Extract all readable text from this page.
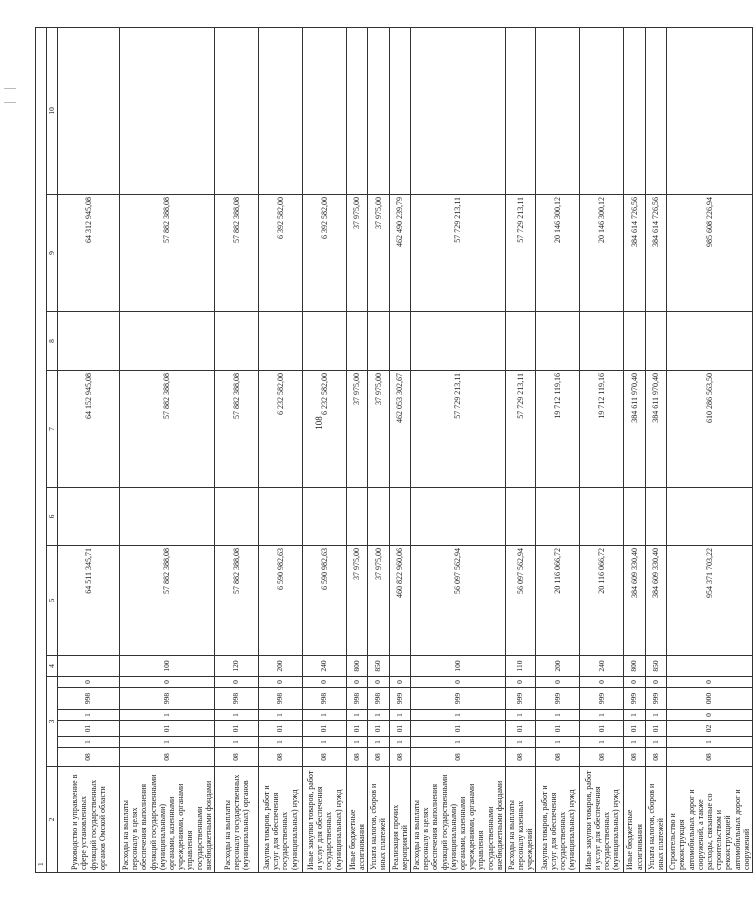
108
1													
2	3						4	5	6	7	8	9	10
Руководство и управление в сфере установленных функций государственных органов Омской области	08	1	01	1	998	0		64 511 345,71		64 152 945,08		64 312 945,08	
Расходы на выплаты персоналу в целях обеспечения выполнения функций государственными (муниципальными) органами, казенными учреждениями, органами управления государственными внебюджетными фондами	08	1	01	1	998	0	100	57 882 388,08		57 882 388,08		57 882 388,08	
Расходы на выплаты персоналу государственных (муниципальных) органов	08	1	01	1	998	0	120	57 882 388,08		57 882 388,08		57 882 388,08	
Закупка товаров, работ и услуг для обеспечения государственных (муниципальных) нужд	08	1	01	1	998	0	200	6 590 982,63		6 232 582,00		6 392 582,00	
Иные закупки товаров, работ и услуг для обеспечения государственных (муниципальных) нужд	08	1	01	1	998	0	240	6 590 982,63		6 232 582,00		6 392 582,00	
Иные бюджетные ассигнования	08	1	01	1	998	0	800	37 975,00		37 975,00		37 975,00	
Уплата налогов, сборов и иных платежей	08	1	01	1	998	0	850	37 975,00		37 975,00		37 975,00	
Реализация прочих мероприятий	08	1	01	1	999	0		460 822 960,06		462 053 302,67		462 490 239,79	
Расходы на выплаты персоналу в целях обеспечения выполнения функций государственными (муниципальными) органами, казенными учреждениями, органами управления государственными внебюджетными фондами	08	1	01	1	999	0	100	56 097 562,94		57 729 213,11		57 729 213,11	
Расходы на выплаты персоналу казенных учреждений	08	1	01	1	999	0	110	56 097 562,94		57 729 213,11		57 729 213,11	
Закупка товаров, работ и услуг для обеспечения государственных (муниципальных) нужд	08	1	01	1	999	0	200	20 116 066,72		19 712 119,16		20 146 300,12	
Иные закупки товаров, работ и услуг для обеспечения государственных (муниципальных) нужд	08	1	01	1	999	0	240	20 116 066,72		19 712 119,16		20 146 300,12	
Иные бюджетные ассигнования	08	1	01	1	999	0	800	384 609 330,40		384 611 970,40		384 614 726,56	
Уплата налогов, сборов и иных платежей	08	1	01	1	999	0	850	384 609 330,40		384 611 970,40		384 614 726,56	
Строительство и реконструкция автомобильных дорог и сооружений, а также расходы, связанные со строительством и реконструкцией автомобильных дорог и сооружений	08	1	02	0	000	0		954 371 703,22		610 286 563,50		985 608 226,94	
